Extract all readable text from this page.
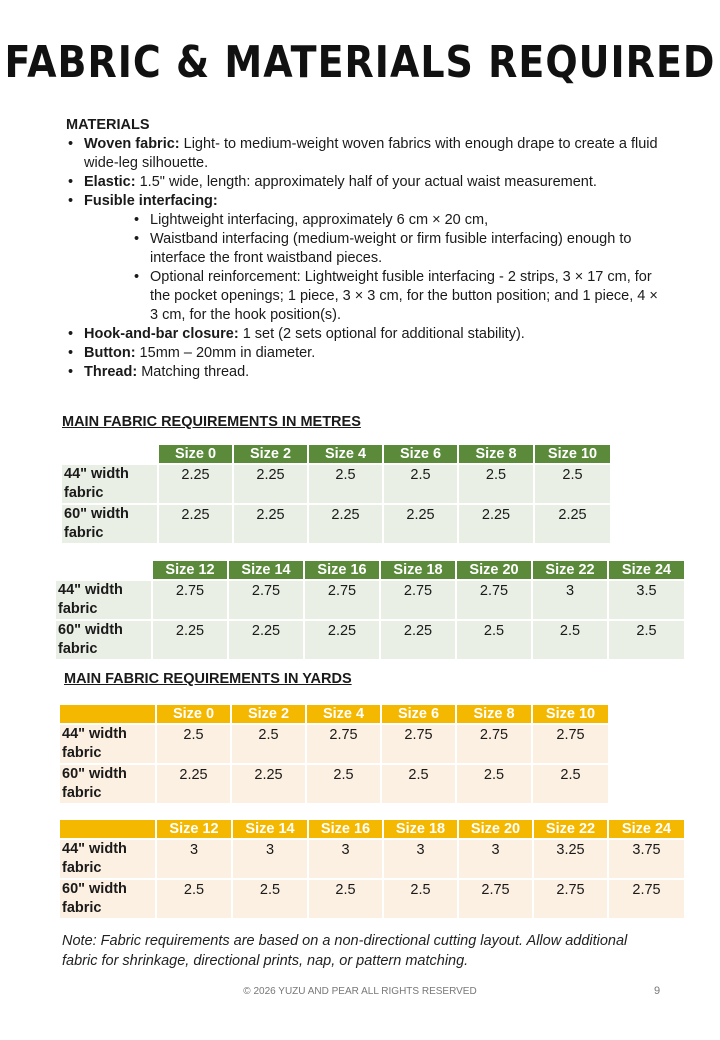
FABRIC & MATERIALS REQUIRED
MATERIALS
• Woven fabric: Light- to medium-weight woven fabrics with enough drape to create a fluid wide-leg silhouette.
• Elastic: 1.5" wide, length: approximately half of your actual waist measurement.
• Fusible interfacing:
• Lightweight interfacing, approximately 6 cm × 20 cm,
• Waistband interfacing (medium-weight or firm fusible interfacing) enough to interface the front waistband pieces.
• Optional reinforcement: Lightweight fusible interfacing - 2 strips, 3 × 17 cm, for the pocket openings; 1 piece, 3 × 3 cm, for the button position; and 1 piece, 4 × 3 cm, for the hook position(s).
• Hook-and-bar closure: 1 set (2 sets optional for additional stability).
• Button: 15mm – 20mm in diameter.
• Thread: Matching thread.
MAIN FABRIC REQUIREMENTS IN METRES
	Size 0	Size 2	Size 4	Size 6	Size 8	Size 10
44" width fabric	2.25	2.25	2.5	2.5	2.5	2.5
60" width fabric	2.25	2.25	2.25	2.25	2.25	2.25
	Size 12	Size 14	Size 16	Size 18	Size 20	Size 22	Size 24
44" width fabric	2.75	2.75	2.75	2.75	2.75	3	3.5
60" width fabric	2.25	2.25	2.25	2.25	2.5	2.5	2.5
MAIN FABRIC REQUIREMENTS IN YARDS
	Size 0	Size 2	Size 4	Size 6	Size 8	Size 10
44" width fabric	2.5	2.5	2.75	2.75	2.75	2.75
60" width fabric	2.25	2.25	2.5	2.5	2.5	2.5
	Size 12	Size 14	Size 16	Size 18	Size 20	Size 22	Size 24
44" width fabric	3	3	3	3	3	3.25	3.75
60" width fabric	2.5	2.5	2.5	2.5	2.75	2.75	2.75
Note: Fabric requirements are based on a non-directional cutting layout. Allow additional fabric for shrinkage, directional prints, nap, or pattern matching.
© 2026 YUZU AND PEAR ALL RIGHTS RESERVED	9
